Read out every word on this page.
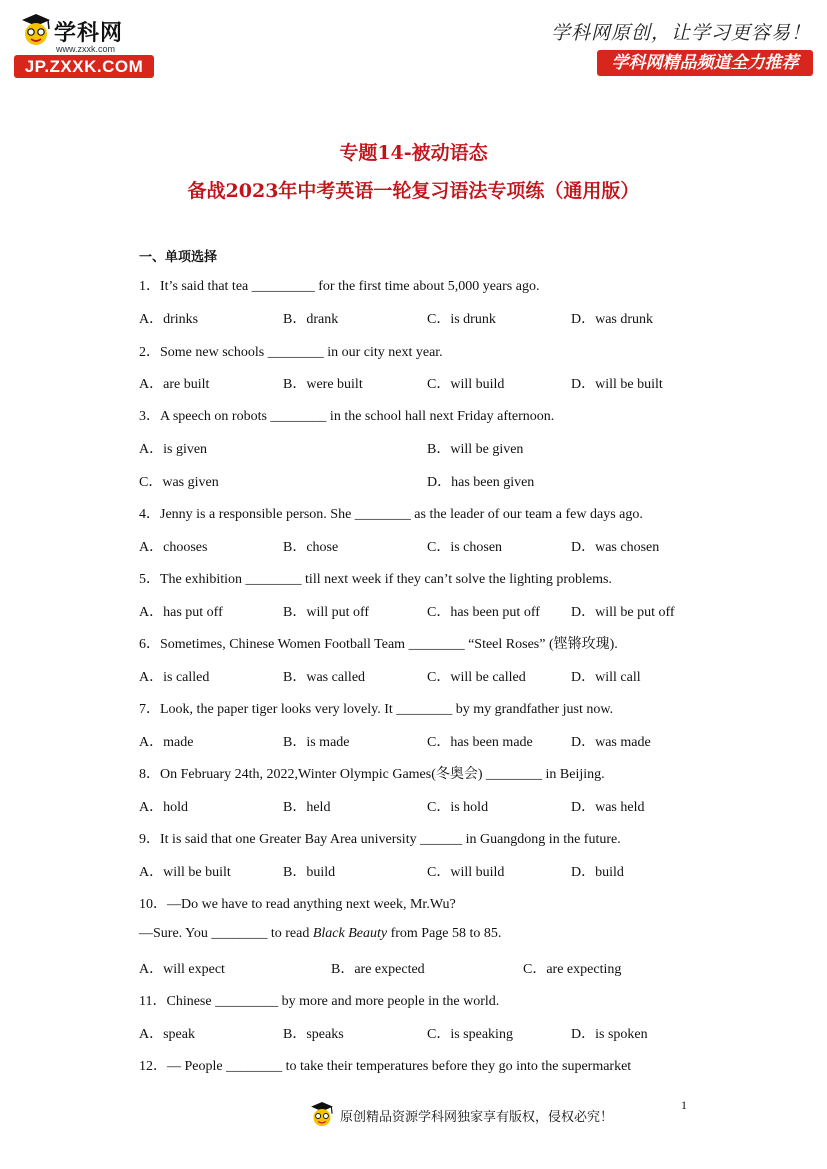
学科网
www.zxxk.com
JP.ZXXK.COM
学科网原创，让学习更容易！
学科网精品频道全力推荐
专题14-被动语态
备战2023年中考英语一轮复习语法专项练（通用版）
一、单项选择
1．It’s said that tea _________ for the first time about 5,000 years ago.
A．drinks	B．drank	C．is drunk	D．was drunk
2．Some new schools ________ in our city next year.
A．are built	B．were built	C．will build	D．will be built
3．A speech on robots ________ in the school hall next Friday afternoon.
A．is given	B．will be given
C．was given	D．has been given
4．Jenny is a responsible person. She ________ as the leader of our team a few days ago.
A．chooses	B．chose	C．is chosen	D．was chosen
5．The exhibition ________ till next week if they can’t solve the lighting problems.
A．has put off	B．will put off	C．has been put off D．will be put off
6．Sometimes, Chinese Women Football Team ________ “Steel Roses” (铿锵玫瑰).
A．is called	B．was called	C．will be called	D．will call
7．Look, the paper tiger looks very lovely. It ________ by my grandfather just now.
A．made	B．is made	C．has been made	D．was made
8．On February 24th, 2022,Winter Olympic Games(冬奥会) ________ in Beijing.
A．hold	B．held	C．is hold	D．was held
9．It is said that one Greater Bay Area university ______ in Guangdong in the future.
A．will be built	B．build	C．will build	D．build
10．—Do we have to read anything next week, Mr.Wu?
—Sure. You ________ to read Black Beauty from Page 58 to 85.
A．will expect	B．are expected	C．are expecting
11．Chinese _________ by more and more people in the world.
A．speak	B．speaks	C．is speaking	D．is spoken
12．— People ________ to take their temperatures before they go into the supermarket
1
原创精品资源学科网独家享有版权，侵权必究！
